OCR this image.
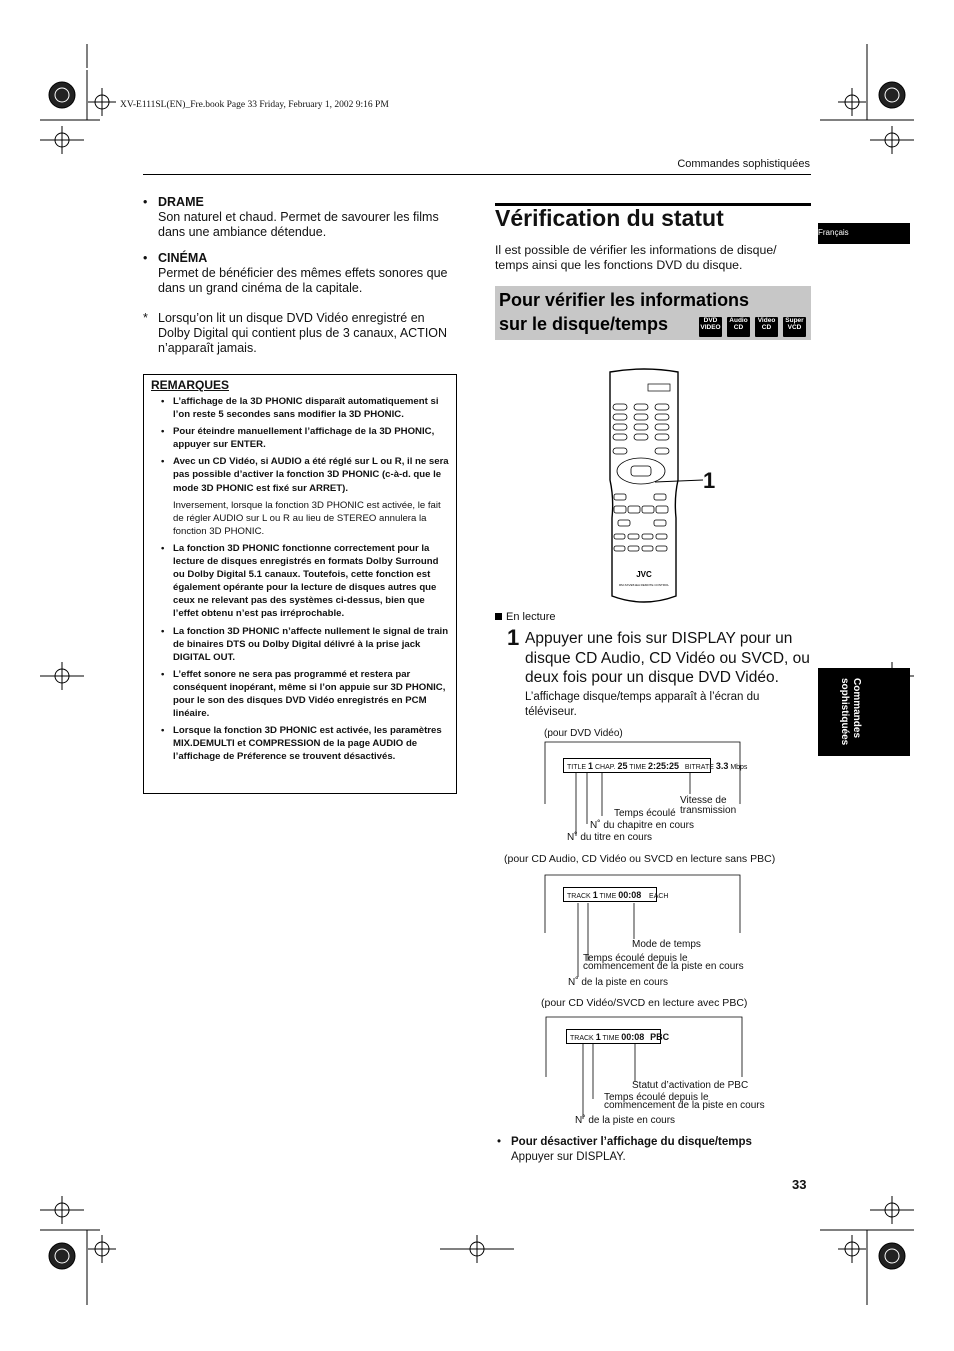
XV-E111SL(EN)_Fre.book Page 33 Friday, February 1, 2002 9:16 PM
Commandes sophistiquées
• DRAME
Son naturel et chaud. Permet de savourer les films dans une ambiance détendue.
• CINÉMA
Permet de bénéficier des mêmes effets sonores que dans un grand cinéma de la capitale.
* Lorsqu’on lit un disque DVD Vidéo enregistré en Dolby Digital qui contient plus de 3 canaux, ACTION n’apparaît jamais.
REMARQUES
• L’affichage de la 3D PHONIC disparaît automatiquement si l’on reste 5 secondes sans modifier la 3D PHONIC.
• Pour éteindre manuellement l’affichage de la 3D PHONIC, appuyer sur ENTER.
• Avec un CD Vidéo, si AUDIO a été réglé sur L ou R, il ne sera pas possible d’activer la fonction 3D PHONIC (c-à-d. que le mode 3D PHONIC est fixé sur ARRET).
Inversement, lorsque la fonction 3D PHONIC est activée, le fait de régler AUDIO sur L ou R au lieu de STEREO annulera la fonction 3D PHONIC.
• La fonction 3D PHONIC fonctionne correctement pour la lecture de disques enregistrés en formats Dolby Surround ou Dolby Digital 5.1 canaux. Toutefois, cette fonction est également opérante pour la lecture de disques autres que ceux ne relevant pas des systèmes ci-dessus, bien que l’effet obtenu n’est pas irréprochable.
• La fonction 3D PHONIC n’affecte nullement le signal de train de binaires DTS ou Dolby Digital délivré à la prise jack DIGITAL OUT.
• L’effet sonore ne sera pas programmé et restera par conséquent inopérant, même si l’on appuie sur 3D PHONIC, pour le son des disques DVD Vidéo enregistrés en PCM linéaire.
• Lorsque la fonction 3D PHONIC est activée, les paramètres MIX.DEMULTI et COMPRESSION de la page AUDIO de l’affichage de Préference se trouvent désactivés.
Vérification du statut
Il est possible de vérifier les informations de disque/ temps ainsi que les fonctions DVD du disque.
Pour vérifier les informations sur le disque/temps	DVD VIDEO
Audio CD
Video CD
Super VCD
Français
Commandes sophistiquées
JVC
RM-SXVE51EA REMOTE CONTROL
1
En lecture
1 Appuyer une fois sur DISPLAY pour un disque CD Audio, CD Vidéo ou SVCD, ou deux fois pour un disque DVD Vidéo.
L’affichage disque/temps apparaît à l’écran du téléviseur.
(pour DVD Vidéo)
TITLE 1 CHAP. 25 TIME 2:25:25 BITRATE 3.3 Mbps
Vitesse de transmission
Temps écoulé
N˚ du chapitre en cours
N˚ du titre en cours
(pour CD Audio, CD Vidéo ou SVCD en lecture sans PBC)
TRACK 1 TIME 00:08 EACH
Mode de temps
Temps écoulé depuis le commencement de la piste en cours
N˚ de la piste en cours
(pour CD Vidéo/SVCD en lecture avec PBC)
TRACK 1 TIME 00:08 PBC
Statut d’activation de PBC
Temps écoulé depuis le commencement de la piste en cours
N˚ de la piste en cours
• Pour désactiver l’affichage du disque/temps
Appuyer sur DISPLAY.
33
